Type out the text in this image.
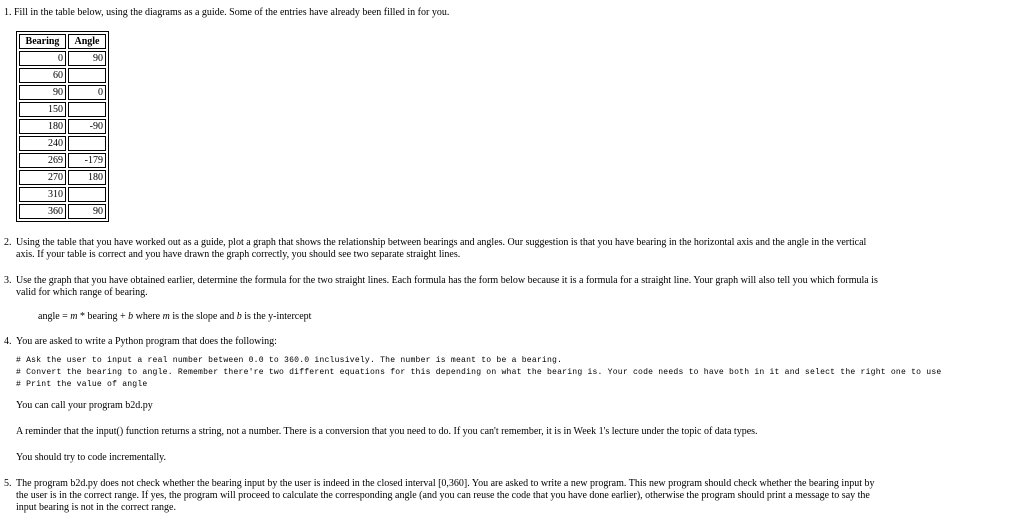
1. Fill in the table below, using the diagrams as a guide. Some of the entries have already been filled in for you.
Bearing	Angle
0	90
60	
90	0
150	
180	-90
240	
269	-179
270	180
310	
360	90
2. Using the table that you have worked out as a guide, plot a graph that shows the relationship between bearings and angles. Our suggestion is that you have bearing in the horizontal axis and the angle in the vertical
axis. If your table is correct and you have drawn the graph correctly, you should see two separate straight lines.
3. Use the graph that you have obtained earlier, determine the formula for the two straight lines. Each formula has the form below because it is a formula for a straight line. Your graph will also tell you which formula is
valid for which range of bearing.
angle = m * bearing + b where m is the slope and b is the y-intercept
4. You are asked to write a Python program that does the following:
# Ask the user to input a real number between 0.0 to 360.0 inclusively. The number is meant to be a bearing.
# Convert the bearing to angle. Remember there're two different equations for this depending on what the bearing is. Your code needs to have both in it and select the right one to use
# Print the value of angle
You can call your program b2d.py
A reminder that the input() function returns a string, not a number. There is a conversion that you need to do. If you can't remember, it is in Week 1's lecture under the topic of data types.
You should try to code incrementally.
5. The program b2d.py does not check whether the bearing input by the user is indeed in the closed interval [0,360]. You are asked to write a new program. This new program should check whether the bearing input by
the user is in the correct range. If yes, the program will proceed to calculate the corresponding angle (and you can reuse the code that you have done earlier), otherwise the program should print a message to say the
input bearing is not in the correct range.
